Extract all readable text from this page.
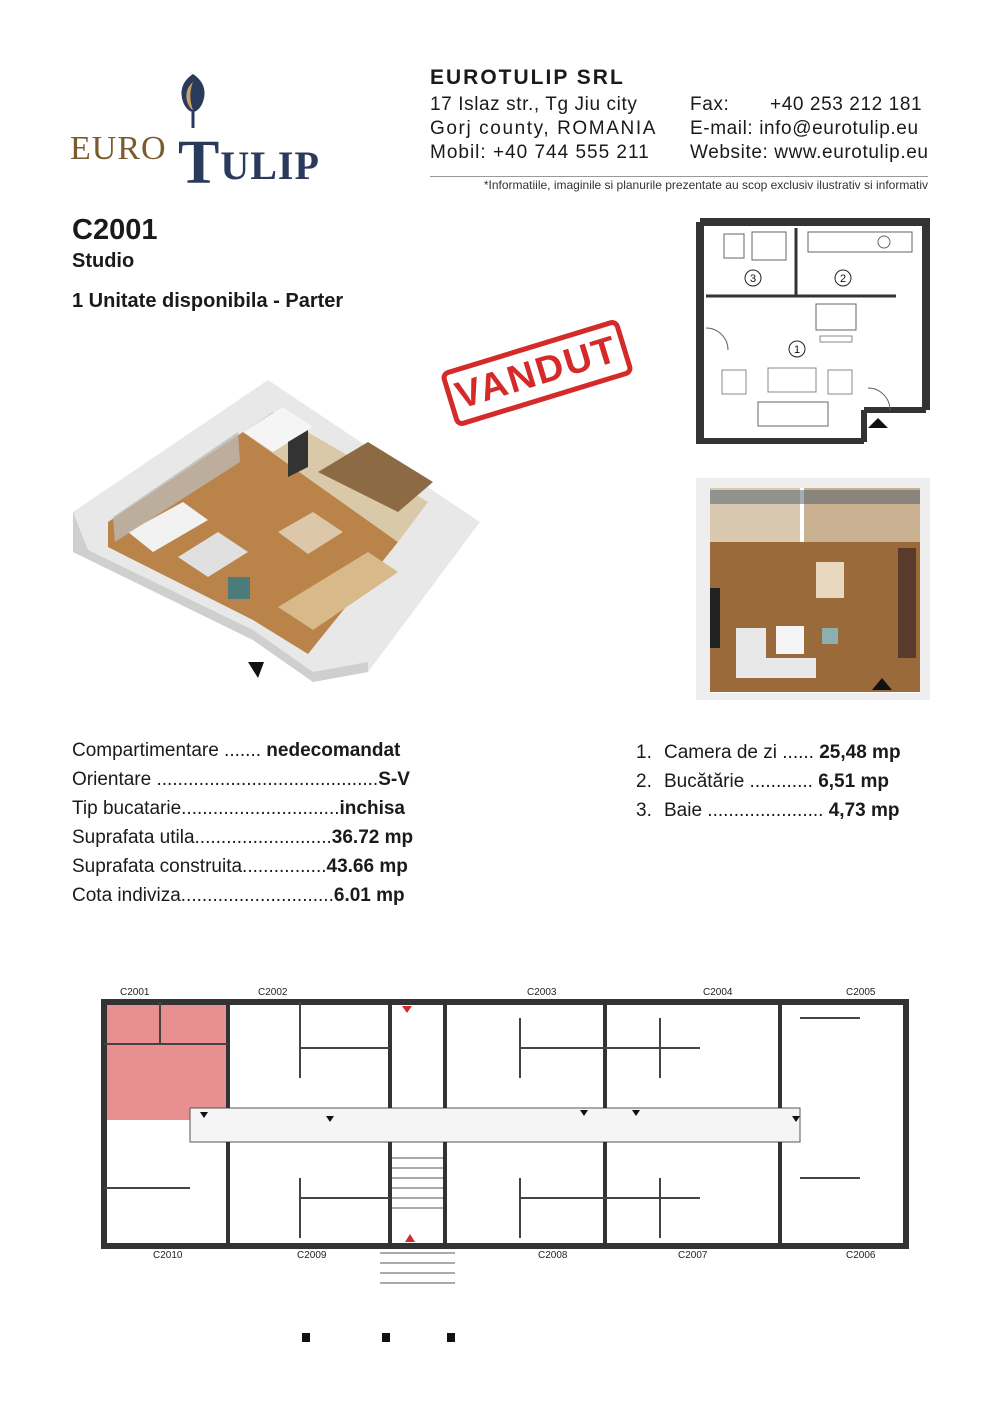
EURO TULIP
EUROTULIP SRL
17 Islaz str., Tg Jiu city
Gorj county, ROMANIA
Mobil: +40 744 555 211
Fax: +40 253 212 181
E-mail: info@eurotulip.eu
Website: www.eurotulip.eu
*Informatiile, imaginile si planurile prezentate au scop exclusiv ilustrativ si informativ
C2001
Studio
1 Unitate disponibila - Parter
VANDUT
3	2
1
Compartimentare ....... nedecomandat
Orientare ..........................................S-V
Tip bucatarie..............................inchisa
Suprafata utila..........................36.72 mp
Suprafata construita................43.66 mp
Cota indiviza.............................6.01 mp
1. Camera de zi ...... 25,48 mp
2. Bucătărie ............ 6,51 mp
3. Baie ...................... 4,73 mp
C2001	C2002	C2003	C2004	C2005
C2010	C2009	C2008	C2007	C2006
